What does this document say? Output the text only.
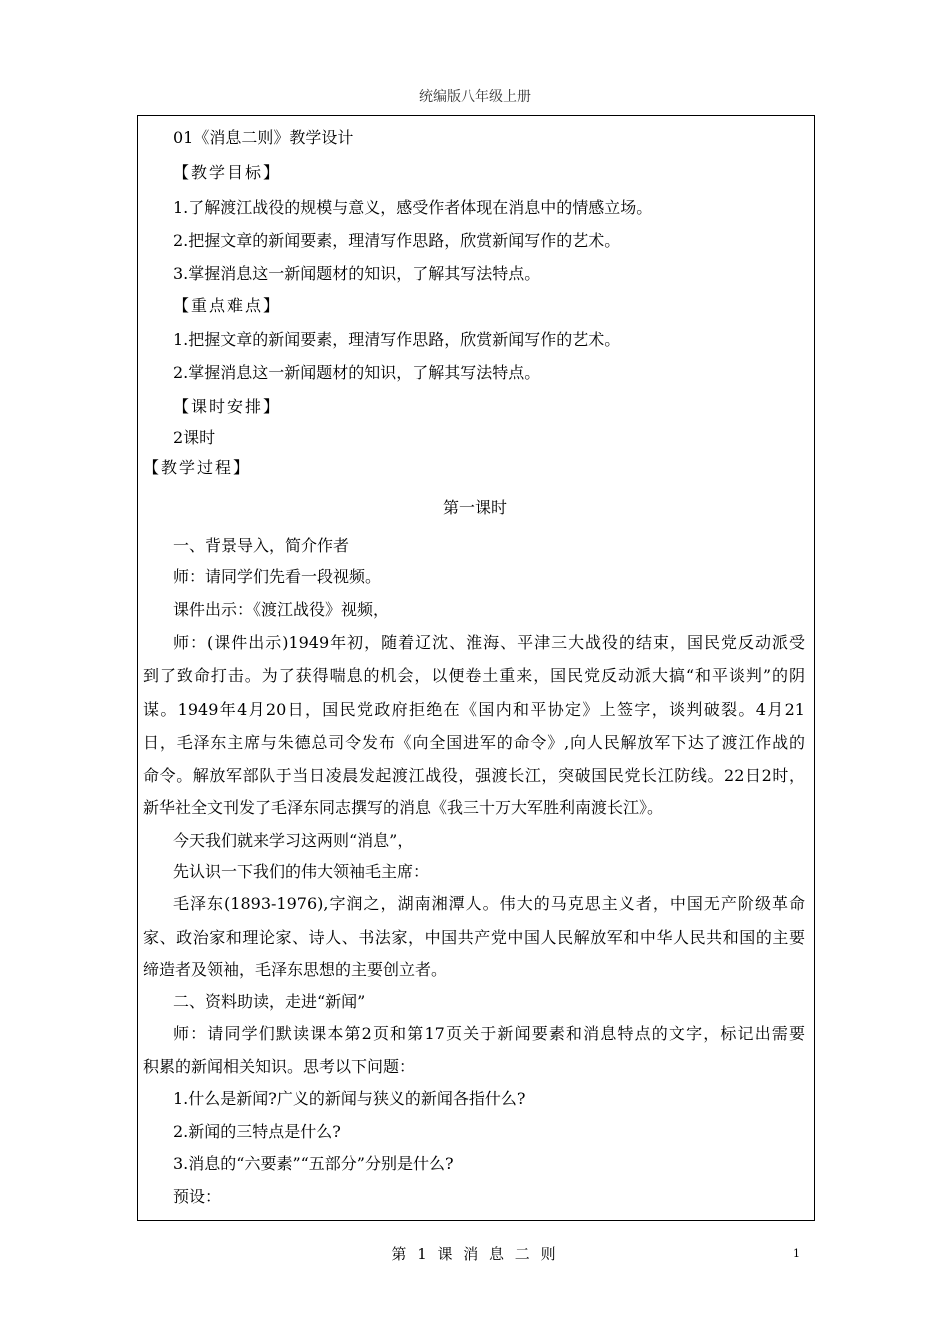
统编版八年级上册
01《消息二则》教学设计
【教学目标】
1.了解渡江战役的规模与意义，感受作者体现在消息中的情感立场。
2.把握文章的新闻要素，理清写作思路，欣赏新闻写作的艺术。
3.掌握消息这一新闻题材的知识，了解其写法特点。
【重点难点】
1.把握文章的新闻要素，理清写作思路，欣赏新闻写作的艺术。
2.掌握消息这一新闻题材的知识，了解其写法特点。
【课时安排】
2课时
【教学过程】
第一课时
一、背景导入，简介作者
师：请同学们先看一段视频。
课件出示：《渡江战役》视频，
师：(课件出示)1949年初，随着辽沈、淮海、平津三大战役的结束，国民党反动派受
到了致命打击。为了获得喘息的机会，以便卷土重来，国民党反动派大搞“和平谈判”的阴
谋。1949年4月20日，国民党政府拒绝在《国内和平协定》上签字，谈判破裂。4月21
日，毛泽东主席与朱德总司令发布《向全国进军的命令》,向人民解放军下达了渡江作战的
命令。解放军部队于当日凌晨发起渡江战役，强渡长江，突破国民党长江防线。22日2时，
新华社全文刊发了毛泽东同志撰写的消息《我三十万大军胜利南渡长江》。
今天我们就来学习这两则“消息”，
先认识一下我们的伟大领袖毛主席：
毛泽东(1893-1976),字润之，湖南湘潭人。伟大的马克思主义者，中国无产阶级革命
家、政治家和理论家、诗人、书法家，中国共产党中国人民解放军和中华人民共和国的主要
缔造者及领袖，毛泽东思想的主要创立者。
二、资料助读，走进“新闻”
师：请同学们默读课本第2页和第17页关于新闻要素和消息特点的文字，标记出需要
积累的新闻相关知识。思考以下问题：
1.什么是新闻?广义的新闻与狭义的新闻各指什么?
2.新闻的三特点是什么?
3.消息的“六要素”“五部分”分别是什么?
预设：
第 1 课 消 息 二 则	1
